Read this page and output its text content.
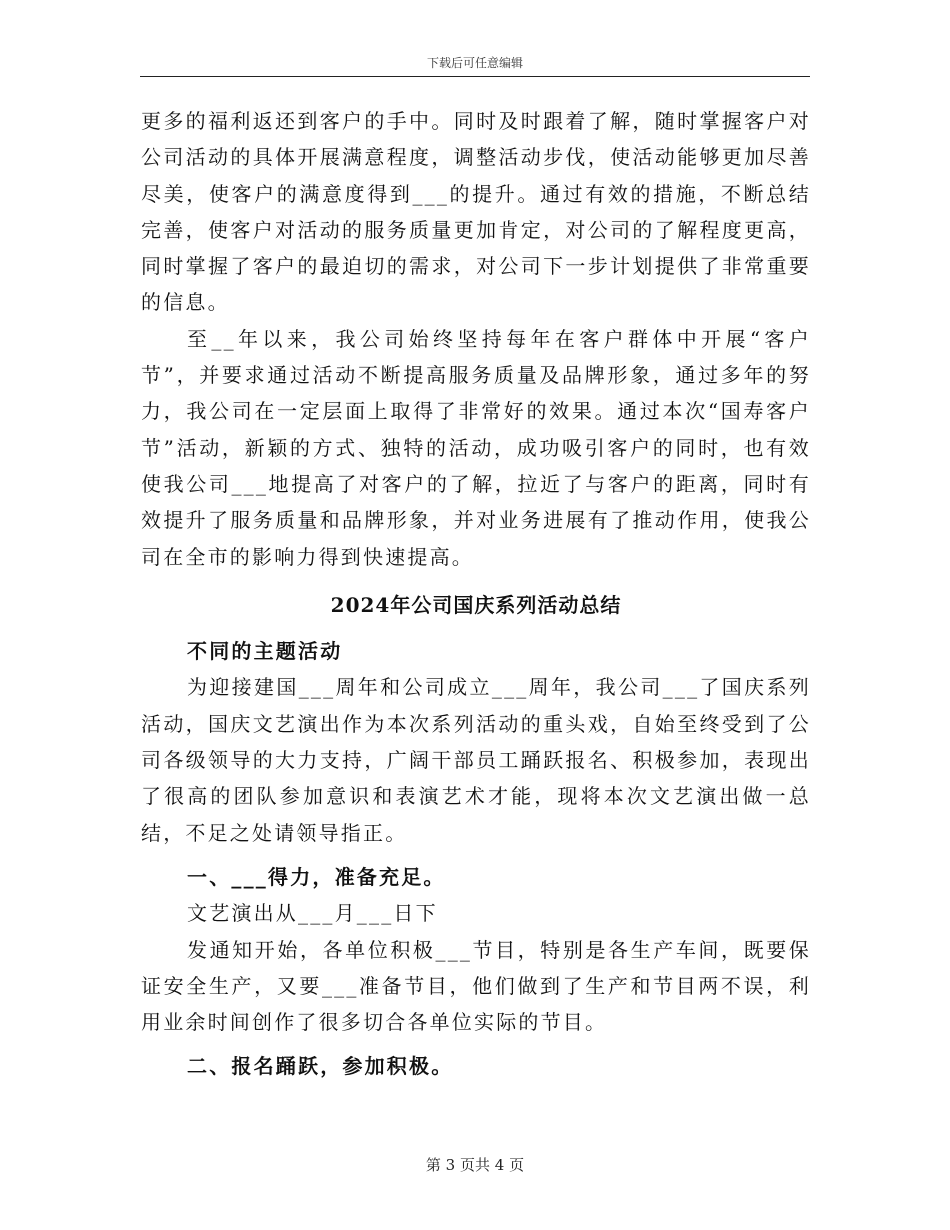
下载后可任意编辑

更多的福利返还到客户的手中。同时及时跟着了解，随时掌握客户对公司活动的具体开展满意程度，调整活动步伐，使活动能够更加尽善尽美，使客户的满意度得到___的提升。通过有效的措施，不断总结完善，使客户对活动的服务质量更加肯定，对公司的了解程度更高，同时掌握了客户的最迫切的需求，对公司下一步计划提供了非常重要的信息。

至__年以来，我公司始终坚持每年在客户群体中开展“客户节”，并要求通过活动不断提高服务质量及品牌形象，通过多年的努力，我公司在一定层面上取得了非常好的效果。通过本次“国寿客户节”活动，新颖的方式、独特的活动，成功吸引客户的同时，也有效使我公司___地提高了对客户的了解，拉近了与客户的距离，同时有效提升了服务质量和品牌形象，并对业务进展有了推动作用，使我公司在全市的影响力得到快速提高。

2024年公司国庆系列活动总结

不同的主题活动

为迎接建国___周年和公司成立___周年，我公司___了国庆系列活动，国庆文艺演出作为本次系列活动的重头戏，自始至终受到了公司各级领导的大力支持，广阔干部员工踊跃报名、积极参加，表现出了很高的团队参加意识和表演艺术才能，现将本次文艺演出做一总结，不足之处请领导指正。

一、___得力，准备充足。

文艺演出从___月___日下

发通知开始，各单位积极___节目，特别是各生产车间，既要保证安全生产，又要___准备节目，他们做到了生产和节目两不误，利用业余时间创作了很多切合各单位实际的节目。

二、报名踊跃，参加积极。

第 3 页共 4 页
